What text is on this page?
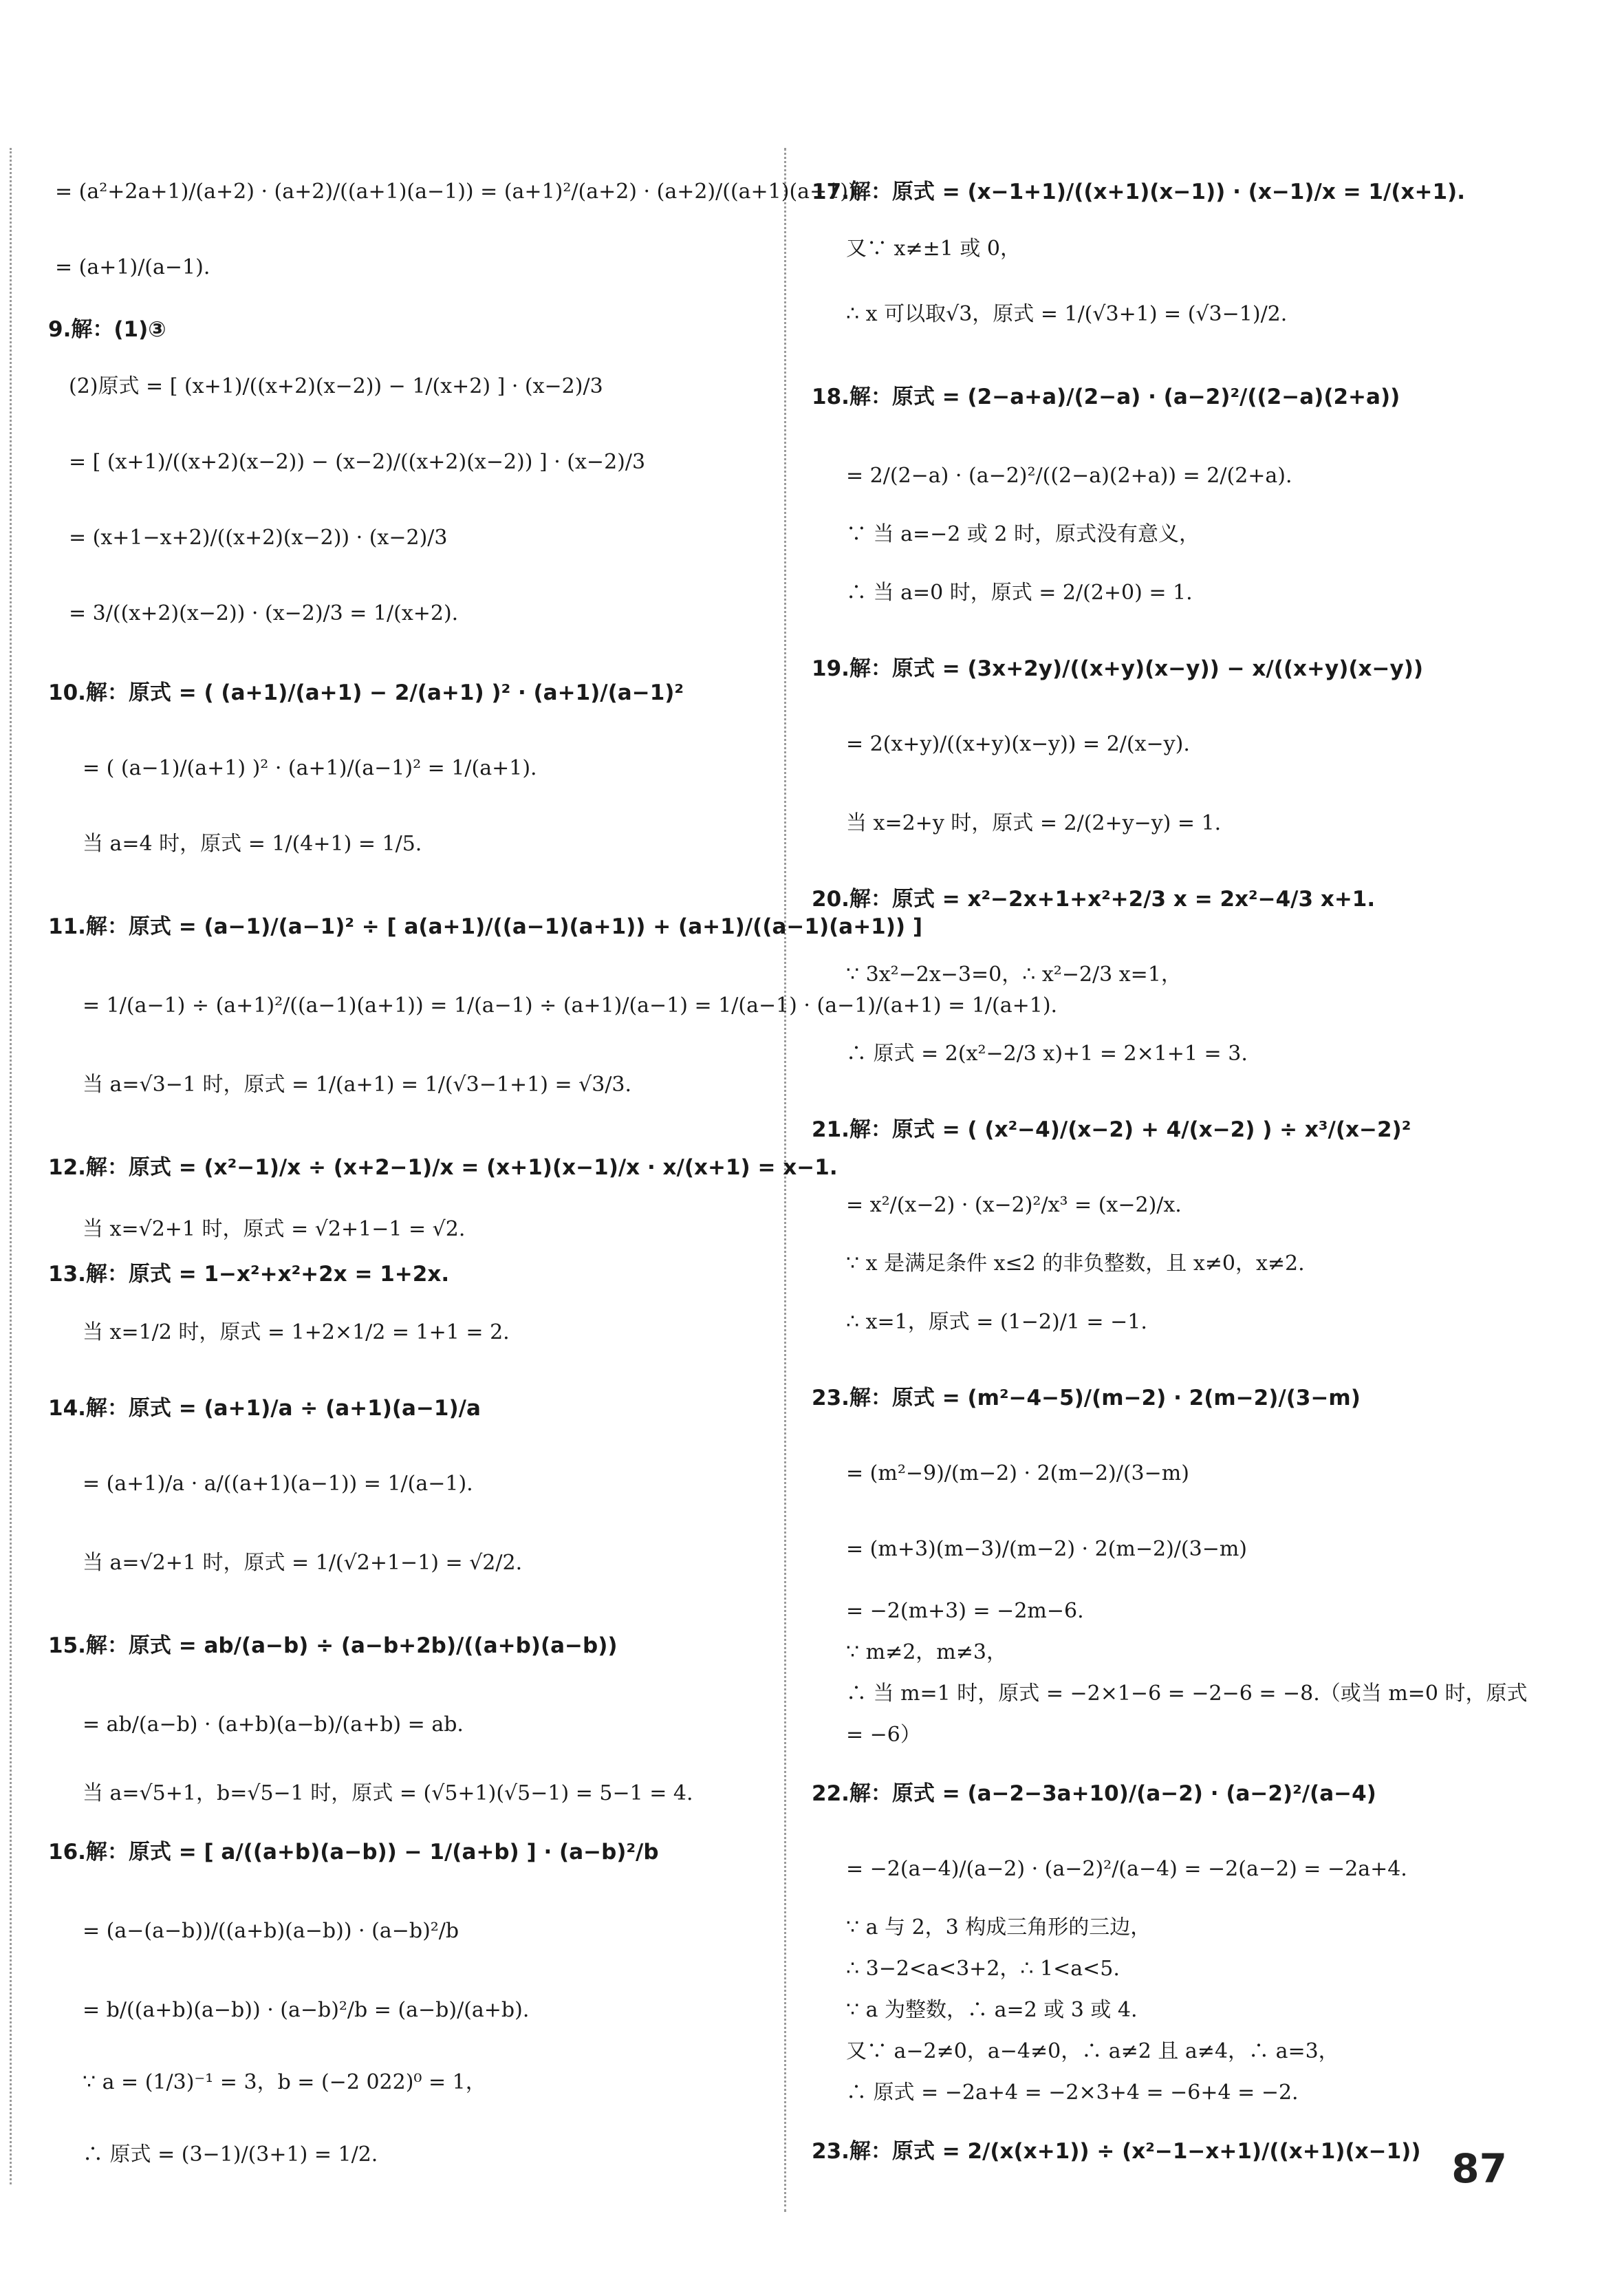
= (a²+2a+1)/(a+2) · (a+2)/((a+1)(a−1)) = (a+1)²/(a+2) · (a+2)/((a+1)(a−1))
= (a+1)/(a−1).
9.解：(1)③
(2)原式 = [ (x+1)/((x+2)(x−2)) − 1/(x+2) ] · (x−2)/3
= [ (x+1)/((x+2)(x−2)) − (x−2)/((x+2)(x−2)) ] · (x−2)/3
= (x+1−x+2)/((x+2)(x−2)) · (x−2)/3
= 3/((x+2)(x−2)) · (x−2)/3 = 1/(x+2).
10.解：原式 = ( (a+1)/(a+1) − 2/(a+1) )² · (a+1)/(a−1)²
= ( (a−1)/(a+1) )² · (a+1)/(a−1)² = 1/(a+1).
当 a=4 时，原式 = 1/(4+1) = 1/5.
11.解：原式 = (a−1)/(a−1)² ÷ [ a(a+1)/((a−1)(a+1)) + (a+1)/((a−1)(a+1)) ]
= 1/(a−1) ÷ (a+1)²/((a−1)(a+1)) = 1/(a−1) ÷ (a+1)/(a−1) = 1/(a−1) · (a−1)/(a+1) = 1/(a+1).
当 a=√3−1 时，原式 = 1/(a+1) = 1/(√3−1+1) = √3/3.
12.解：原式 = (x²−1)/x ÷ (x+2−1)/x = (x+1)(x−1)/x · x/(x+1) = x−1.
当 x=√2+1 时，原式 = √2+1−1 = √2.
13.解：原式 = 1−x²+x²+2x = 1+2x.
当 x=1/2 时，原式 = 1+2×1/2 = 1+1 = 2.
14.解：原式 = (a+1)/a ÷ (a+1)(a−1)/a
= (a+1)/a · a/((a+1)(a−1)) = 1/(a−1).
当 a=√2+1 时，原式 = 1/(√2+1−1) = √2/2.
15.解：原式 = ab/(a−b) ÷ (a−b+2b)/((a+b)(a−b))
= ab/(a−b) · (a+b)(a−b)/(a+b) = ab.
当 a=√5+1，b=√5−1 时，原式 = (√5+1)(√5−1) = 5−1 = 4.
16.解：原式 = [ a/((a+b)(a−b)) − 1/(a+b) ] · (a−b)²/b
= (a−(a−b))/((a+b)(a−b)) · (a−b)²/b
= b/((a+b)(a−b)) · (a−b)²/b = (a−b)/(a+b).
∵ a = (1/3)⁻¹ = 3，b = (−2 022)⁰ = 1，
∴ 原式 = (3−1)/(3+1) = 1/2.
17.解：原式 = (x−1+1)/((x+1)(x−1)) · (x−1)/x = 1/(x+1).
又∵ x≠±1 或 0，
∴ x 可以取√3，原式 = 1/(√3+1) = (√3−1)/2.
18.解：原式 = (2−a+a)/(2−a) · (a−2)²/((2−a)(2+a))
= 2/(2−a) · (a−2)²/((2−a)(2+a)) = 2/(2+a).
∵ 当 a=−2 或 2 时，原式没有意义，
∴ 当 a=0 时，原式 = 2/(2+0) = 1.
19.解：原式 = (3x+2y)/((x+y)(x−y)) − x/((x+y)(x−y))
= 2(x+y)/((x+y)(x−y)) = 2/(x−y).
当 x=2+y 时，原式 = 2/(2+y−y) = 1.
20.解：原式 = x²−2x+1+x²+2/3 x = 2x²−4/3 x+1.
∵ 3x²−2x−3=0，∴ x²−2/3 x=1，
∴ 原式 = 2(x²−2/3 x)+1 = 2×1+1 = 3.
21.解：原式 = ( (x²−4)/(x−2) + 4/(x−2) ) ÷ x³/(x−2)²
= x²/(x−2) · (x−2)²/x³ = (x−2)/x.
∵ x 是满足条件 x≤2 的非负整数，且 x≠0，x≠2.
∴ x=1，原式 = (1−2)/1 = −1.
23.解：原式 = (m²−4−5)/(m−2) · 2(m−2)/(3−m)
= (m²−9)/(m−2) · 2(m−2)/(3−m)
= (m+3)(m−3)/(m−2) · 2(m−2)/(3−m)
= −2(m+3) = −2m−6.
∵ m≠2，m≠3，
∴ 当 m=1 时，原式 = −2×1−6 = −2−6 = −8.（或当 m=0 时，原式
= −6）
22.解：原式 = (a−2−3a+10)/(a−2) · (a−2)²/(a−4)
= −2(a−4)/(a−2) · (a−2)²/(a−4) = −2(a−2) = −2a+4.
∵ a 与 2，3 构成三角形的三边，
∴ 3−2<a<3+2，∴ 1<a<5.
∵ a 为整数，∴ a=2 或 3 或 4.
又∵ a−2≠0，a−4≠0，∴ a≠2 且 a≠4，∴ a=3，
∴ 原式 = −2a+4 = −2×3+4 = −6+4 = −2.
23.解：原式 = 2/(x(x+1)) ÷ (x²−1−x+1)/((x+1)(x−1)) 87
